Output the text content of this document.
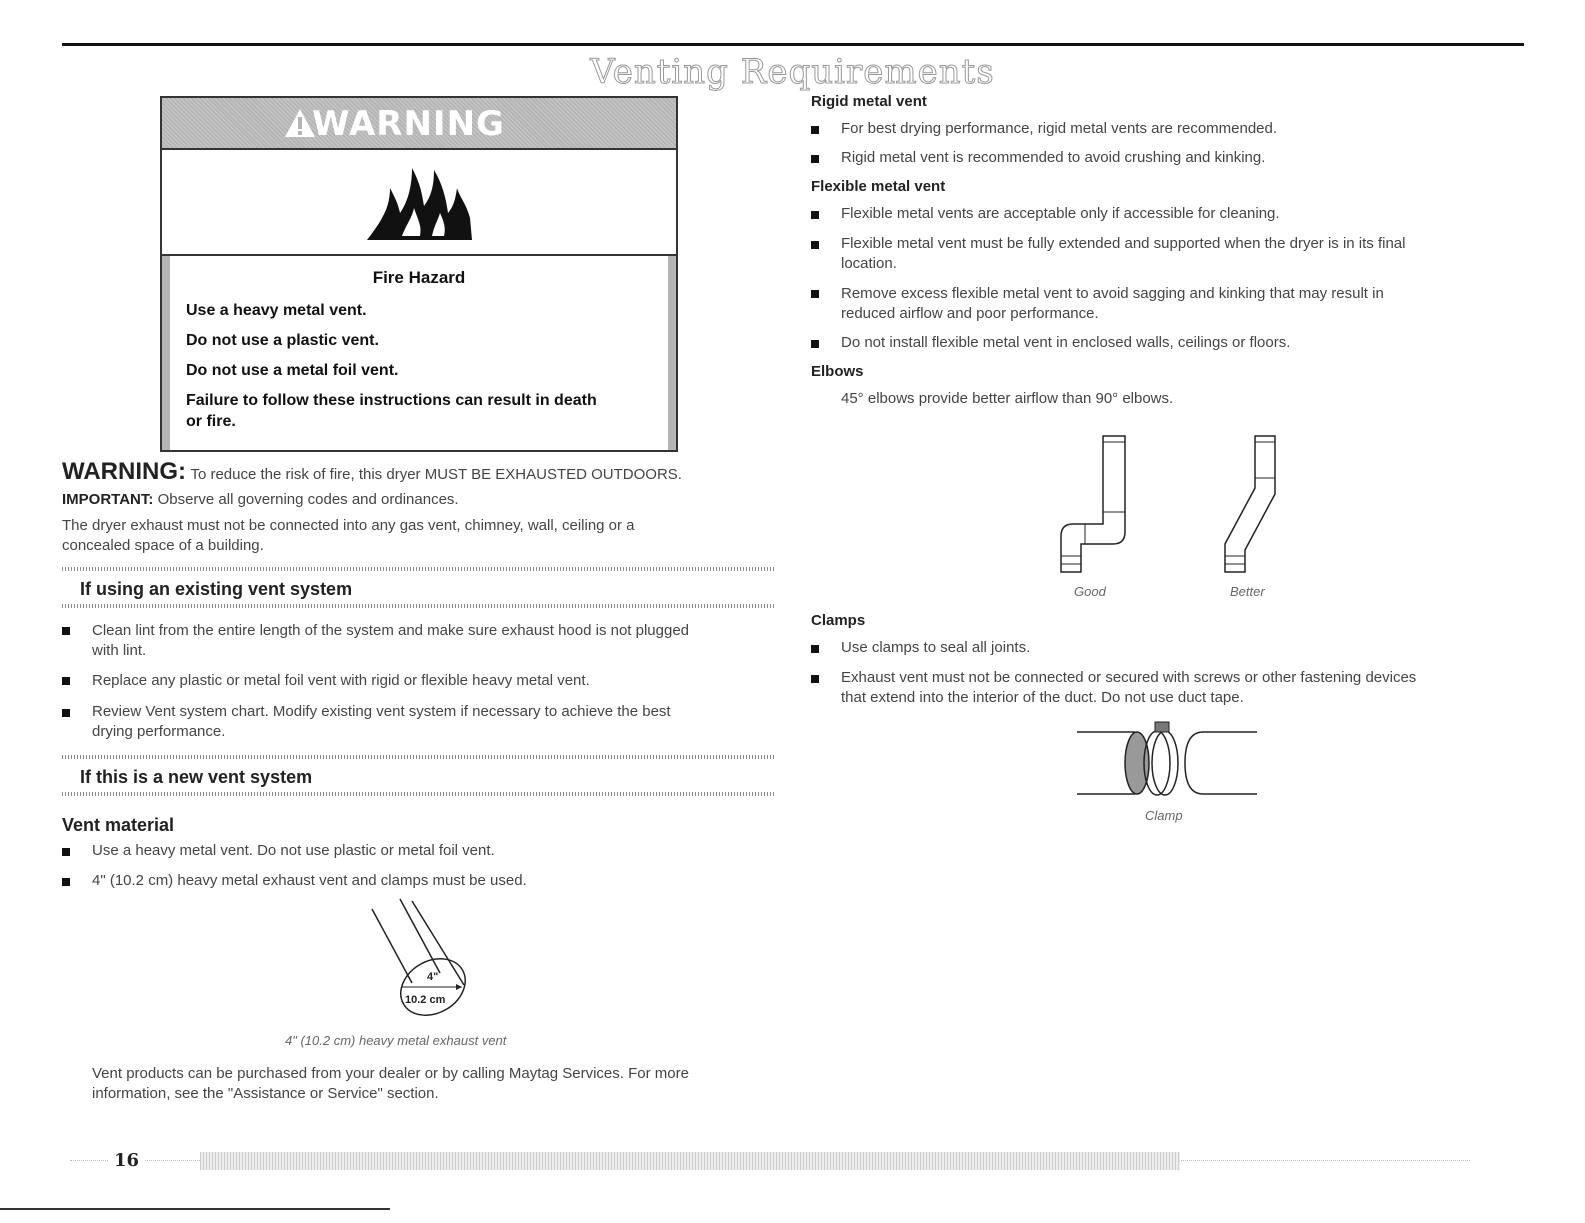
Venting Requirements
WARNING
Fire Hazard
Use a heavy metal vent.
Do not use a plastic vent.
Do not use a metal foil vent.
Failure to follow these instructions can result in death
or fire.
WARNING: To reduce the risk of fire, this dryer MUST BE EXHAUSTED OUTDOORS.
IMPORTANT: Observe all governing codes and ordinances.
The dryer exhaust must not be connected into any gas vent, chimney, wall, ceiling or a
concealed space of a building.
If using an existing vent system
Clean lint from the entire length of the system and make sure exhaust hood is not plugged
with lint.
Replace any plastic or metal foil vent with rigid or flexible heavy metal vent.
Review Vent system chart. Modify existing vent system if necessary to achieve the best
drying performance.
If this is a new vent system
Vent material
Use a heavy metal vent. Do not use plastic or metal foil vent.
4" (10.2 cm) heavy metal exhaust vent and clamps must be used.
4"
10.2 cm
4" (10.2 cm) heavy metal exhaust vent
Vent products can be purchased from your dealer or by calling Maytag Services. For more
information, see the "Assistance or Service" section.
Rigid metal vent
For best drying performance, rigid metal vents are recommended.
Rigid metal vent is recommended to avoid crushing and kinking.
Flexible metal vent
Flexible metal vents are acceptable only if accessible for cleaning.
Flexible metal vent must be fully extended and supported when the dryer is in its final
location.
Remove excess flexible metal vent to avoid sagging and kinking that may result in
reduced airflow and poor performance.
Do not install flexible metal vent in enclosed walls, ceilings or floors.
Elbows
45° elbows provide better airflow than 90° elbows.
Good	Better
Clamps
Use clamps to seal all joints.
Exhaust vent must not be connected or secured with screws or other fastening devices
that extend into the interior of the duct. Do not use duct tape.
Clamp
16
